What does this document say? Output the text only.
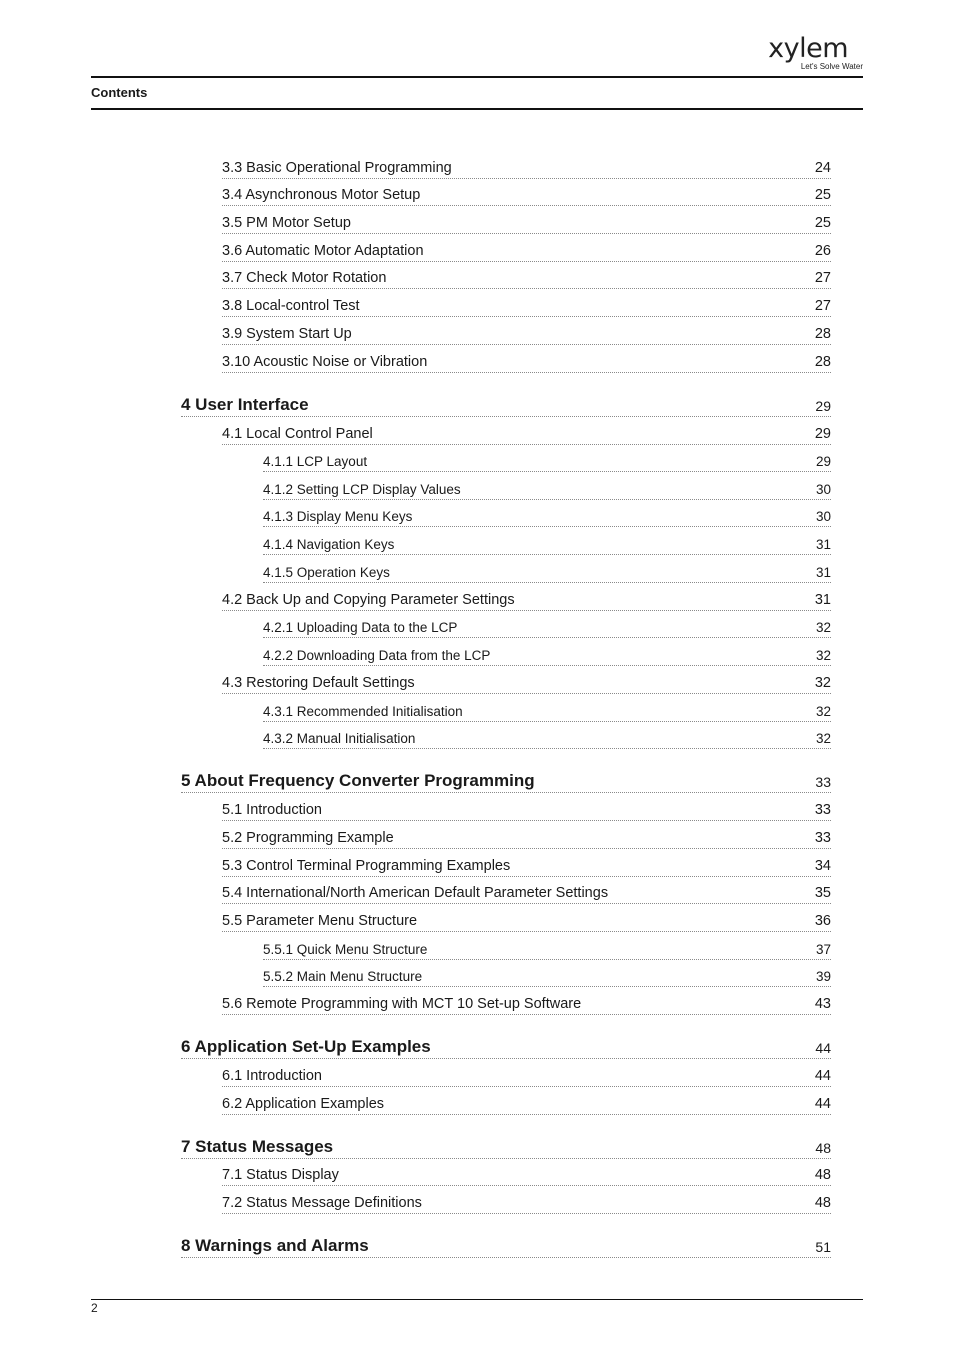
xylem
Let's Solve Water
Contents
3.3 Basic Operational Programming	24
3.4 Asynchronous Motor Setup	25
3.5 PM Motor Setup	25
3.6 Automatic Motor Adaptation	26
3.7 Check Motor Rotation	27
3.8 Local-control Test	27
3.9 System Start Up	28
3.10 Acoustic Noise or Vibration	28
4 User Interface	29
4.1 Local Control Panel	29
4.1.1 LCP Layout	29
4.1.2 Setting LCP Display Values	30
4.1.3 Display Menu Keys	30
4.1.4 Navigation Keys	31
4.1.5 Operation Keys	31
4.2 Back Up and Copying Parameter Settings	31
4.2.1 Uploading Data to the LCP	32
4.2.2 Downloading Data from the LCP	32
4.3 Restoring Default Settings	32
4.3.1 Recommended Initialisation	32
4.3.2 Manual Initialisation	32
5 About Frequency Converter Programming	33
5.1 Introduction	33
5.2 Programming Example	33
5.3 Control Terminal Programming Examples	34
5.4 International/North American Default Parameter Settings	35
5.5 Parameter Menu Structure	36
5.5.1 Quick Menu Structure	37
5.5.2 Main Menu Structure	39
5.6 Remote Programming with MCT 10 Set-up Software	43
6 Application Set-Up Examples	44
6.1 Introduction	44
6.2 Application Examples	44
7 Status Messages	48
7.1 Status Display	48
7.2 Status Message Definitions	48
8 Warnings and Alarms	51
2
